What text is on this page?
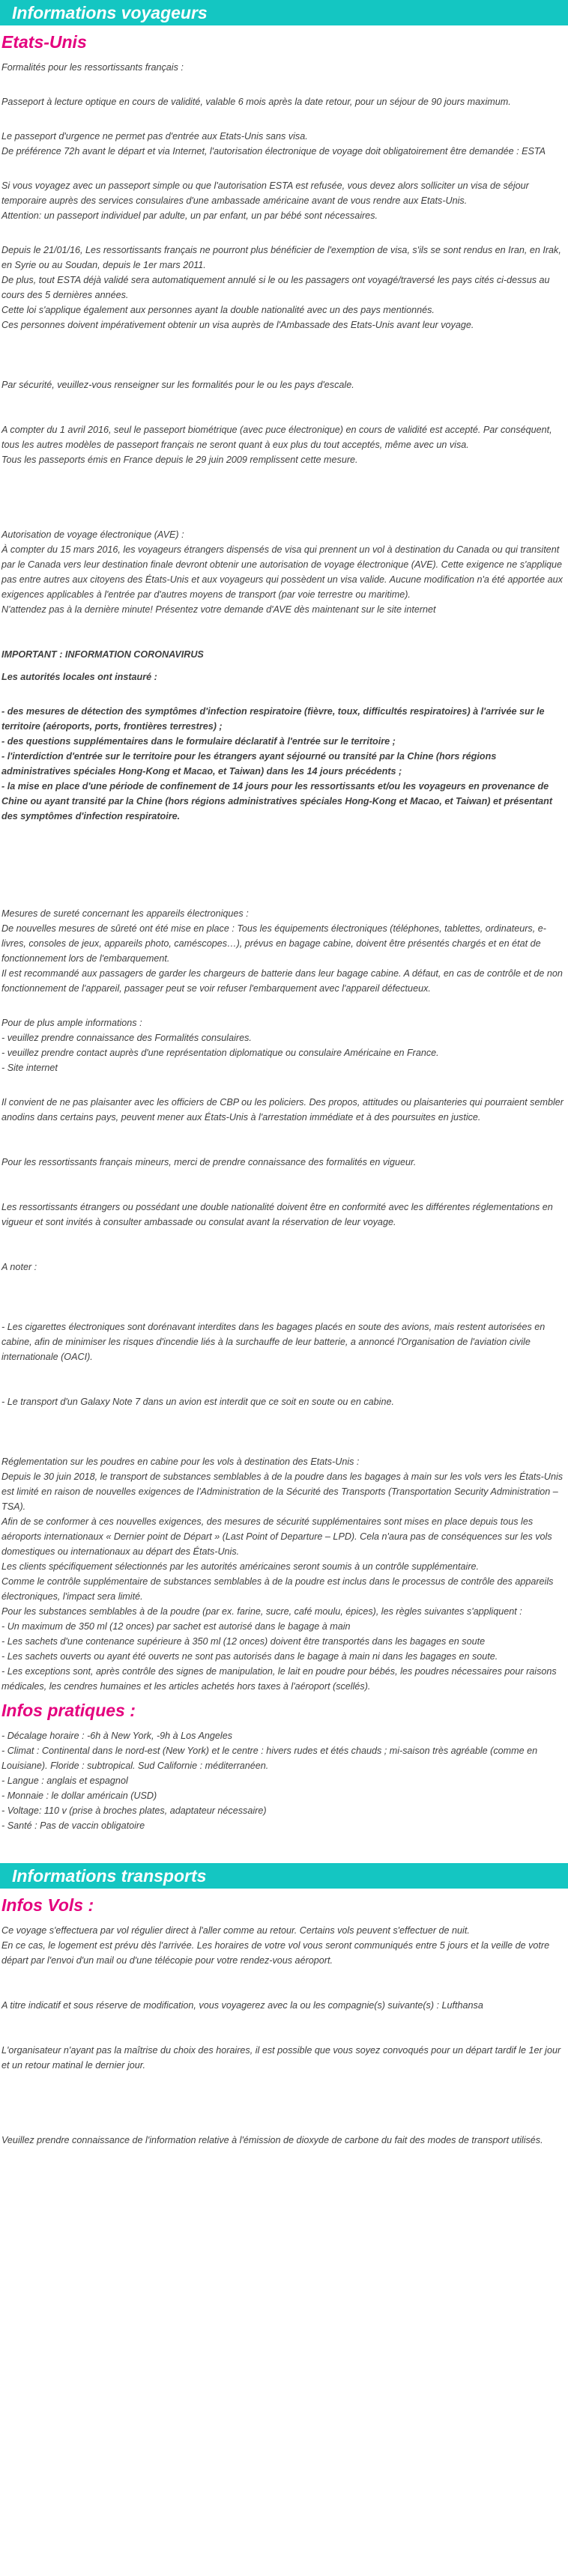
Informations voyageurs
Etats-Unis
Formalités pour les ressortissants français :
Passeport à lecture optique en cours de validité, valable 6 mois après la date retour, pour un séjour de 90 jours maximum.
Le passeport d'urgence ne permet pas d'entrée aux Etats-Unis sans visa.
De préférence 72h avant le départ et via Internet, l'autorisation électronique de voyage doit obligatoirement être demandée : ESTA
Si vous voyagez avec un passeport simple ou que l'autorisation ESTA est refusée, vous devez alors solliciter un visa de séjour temporaire auprès des services consulaires d'une ambassade américaine avant de vous rendre aux Etats-Unis.
Attention: un passeport individuel par adulte, un par enfant, un par bébé sont nécessaires.
Depuis le 21/01/16, Les ressortissants français ne pourront plus bénéficier de l'exemption de visa, s'ils se sont rendus en Iran, en Irak, en Syrie ou au Soudan, depuis le 1er mars 2011.
De plus, tout ESTA déjà validé sera automatiquement annulé si le ou les passagers ont voyagé/traversé les pays cités ci-dessus au cours des 5 dernières années.
Cette loi s'applique également aux personnes ayant la double nationalité avec un des pays mentionnés.
Ces personnes doivent impérativement obtenir un visa auprès de l'Ambassade des Etats-Unis avant leur voyage.
Par sécurité, veuillez-vous renseigner sur les formalités pour le ou les pays d'escale.
A compter du 1 avril 2016, seul le passeport biométrique (avec puce électronique) en cours de validité est accepté. Par conséquent, tous les autres modèles de passeport français ne seront quant à eux plus du tout acceptés, même avec un visa.
Tous les passeports émis en France depuis le 29 juin 2009 remplissent cette mesure.
Autorisation de voyage électronique (AVE) :
À compter du 15 mars 2016, les voyageurs étrangers dispensés de visa qui prennent un vol à destination du Canada ou qui transitent par le Canada vers leur destination finale devront obtenir une autorisation de voyage électronique (AVE). Cette exigence ne s'applique pas entre autres aux citoyens des États-Unis et aux voyageurs qui possèdent un visa valide. Aucune modification n'a été apportée aux exigences applicables à l'entrée par d'autres moyens de transport (par voie terrestre ou maritime).
N'attendez pas à la dernière minute! Présentez votre demande d'AVE dès maintenant sur le site internet
IMPORTANT : INFORMATION CORONAVIRUS
Les autorités locales ont instauré :
- des mesures de détection des symptômes d'infection respiratoire (fièvre, toux, difficultés respiratoires) à l'arrivée sur le territoire (aéroports, ports, frontières terrestres) ;
- des questions supplémentaires dans le formulaire déclaratif à l'entrée sur le territoire ;
- l'interdiction d'entrée sur le territoire pour les étrangers ayant séjourné ou transité par la Chine (hors régions administratives spéciales Hong-Kong et Macao, et Taiwan) dans les 14 jours précédents ;
- la mise en place d'une période de confinement de 14 jours pour les ressortissants et/ou les voyageurs en provenance de Chine ou ayant transité par la Chine (hors régions administratives spéciales Hong-Kong et Macao, et Taiwan) et présentant des symptômes d'infection respiratoire.
Mesures de sureté concernant les appareils électroniques :
De nouvelles mesures de sûreté ont été mise en place : Tous les équipements électroniques (téléphones, tablettes, ordinateurs, e-livres, consoles de jeux, appareils photo, caméscopes…), prévus en bagage cabine, doivent être présentés chargés et en état de fonctionnement lors de l'embarquement.
Il est recommandé aux passagers de garder les chargeurs de batterie dans leur bagage cabine. A défaut, en cas de contrôle et de non fonctionnement de l'appareil, passager peut se voir refuser l'embarquement avec l'appareil défectueux.
Pour de plus ample informations :
- veuillez prendre connaissance des Formalités consulaires.
- veuillez prendre contact auprès d'une représentation diplomatique ou consulaire Américaine en France.
- Site internet
Il convient de ne pas plaisanter avec les officiers de CBP ou les policiers. Des propos, attitudes ou plaisanteries qui pourraient sembler anodins dans certains pays, peuvent mener aux États-Unis à l'arrestation immédiate et à des poursuites en justice.
Pour les ressortissants français mineurs, merci de prendre connaissance des formalités en vigueur.
Les ressortissants étrangers ou possédant une double nationalité doivent être en conformité avec les différentes réglementations en vigueur et sont invités à consulter ambassade ou consulat avant la réservation de leur voyage.
A noter :
- Les cigarettes électroniques sont dorénavant interdites dans les bagages placés en soute des avions, mais restent autorisées en cabine, afin de minimiser les risques d'incendie liés à la surchauffe de leur batterie, a annoncé l'Organisation de l'aviation civile internationale (OACI).
- Le transport d'un Galaxy Note 7 dans un avion est interdit que ce soit en soute ou en cabine.
Réglementation sur les poudres en cabine pour les vols à destination des Etats-Unis :
Depuis le 30 juin 2018, le transport de substances semblables à de la poudre dans les bagages à main sur les vols vers les États-Unis est limité en raison de nouvelles exigences de l'Administration de la Sécurité des Transports (Transportation Security Administration – TSA).
Afin de se conformer à ces nouvelles exigences, des mesures de sécurité supplémentaires sont mises en place depuis tous les aéroports internationaux « Dernier point de Départ » (Last Point of Departure – LPD). Cela n'aura pas de conséquences sur les vols domestiques ou internationaux au départ des États-Unis.
Les clients spécifiquement sélectionnés par les autorités américaines seront soumis à un contrôle supplémentaire.
Comme le contrôle supplémentaire de substances semblables à de la poudre est inclus dans le processus de contrôle des appareils électroniques, l'impact sera limité.
Pour les substances semblables à de la poudre (par ex. farine, sucre, café moulu, épices), les règles suivantes s'appliquent :
- Un maximum de 350 ml (12 onces) par sachet est autorisé dans le bagage à main
- Les sachets d'une contenance supérieure à 350 ml (12 onces) doivent être transportés dans les bagages en soute
- Les sachets ouverts ou ayant été ouverts ne sont pas autorisés dans le bagage à main ni dans les bagages en soute.
- Les exceptions sont, après contrôle des signes de manipulation, le lait en poudre pour bébés, les poudres nécessaires pour raisons médicales, les cendres humaines et les articles achetés hors taxes à l'aéroport (scellés).
Infos pratiques :
- Décalage horaire : -6h à New York, -9h à Los Angeles
- Climat : Continental dans le nord-est (New York) et le centre : hivers rudes et étés chauds ; mi-saison très agréable (comme en Louisiane). Floride : subtropical. Sud Californie : méditerranéen.
- Langue : anglais et espagnol
- Monnaie : le dollar américain (USD)
- Voltage: 110 v (prise à broches plates, adaptateur nécessaire)
- Santé : Pas de vaccin obligatoire
Informations transports
Infos Vols :
Ce voyage s'effectuera par vol régulier direct à l'aller comme au retour. Certains vols peuvent s'effectuer de nuit.
En ce cas, le logement est prévu dès l'arrivée. Les horaires de votre vol vous seront communiqués entre 5 jours et la veille de votre départ par l'envoi d'un mail ou d'une télécopie pour votre rendez-vous aéroport.
A titre indicatif et sous réserve de modification, vous voyagerez avec la ou les compagnie(s) suivante(s) : Lufthansa
L'organisateur n'ayant pas la maîtrise du choix des horaires, il est possible que vous soyez convoqués pour un départ tardif le 1er jour et un retour matinal le dernier jour.
Veuillez prendre connaissance de l'information relative à l'émission de dioxyde de carbone du fait des modes de transport utilisés.
